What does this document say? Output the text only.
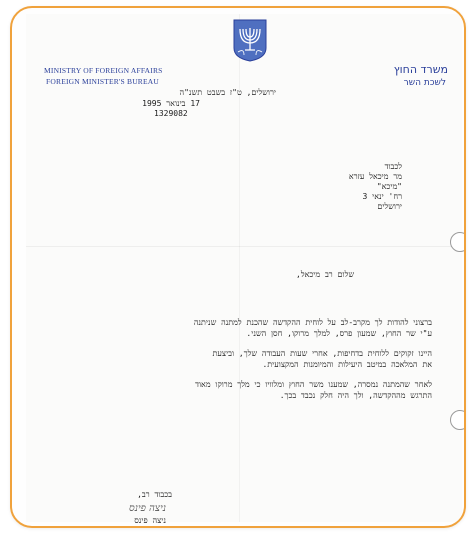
MINISTRY OF FOREIGN AFFAIRS
FOREIGN MINISTER'S BUREAU
משרד החוץ
לשכת השר
ירושלים, ט"ז בשבט תשנ"ה
17 בינואר 1995
1329082
לכבוד
מר מיכאל עזרא
"מיכא"
רח' ינאי 3
ירושלים
שלום רב מיכאל,
ברצוני להודות לך מקרב-לב על לוחית ההקדשה שהכנת למתנה שניתנה
ע"י שר החוץ, שמעון פרס, למלך מרוקו, חסן השני.
היינו זקוקים ללוחית בדחיפות, אחרי שעות העבודה שלך, וביצעת
את המלאכה במיטב היעילות והמיומנות המקצועית.
לאחר שהמתנה נמסרה, שמענו משר החוץ ומלוויו כי מלך מרוקו מאוד
התרגש מההקדשה, ולך היה חלק נכבד בכך.
בכבוד רב,
ניצה פינס
ניצה פינס
